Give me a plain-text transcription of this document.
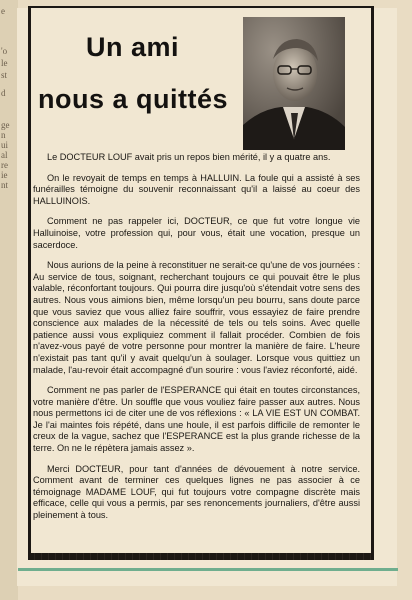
e
'o
le
st
d
ge
n
ui
al
re
ie
nt
Un ami
nous a quittés

Le DOCTEUR LOUF avait pris un repos bien mérité, il y a quatre ans.

On le revoyait de temps en temps à HALLUIN. La foule qui a assisté à ses funérailles témoigne du souvenir reconnaissant qu'il a laissé au coeur des HALLUINOIS.

Comment ne pas rappeler ici, DOCTEUR, ce que fut votre longue vie Halluinoise, votre profession qui, pour vous, était une vocation, presque un sacerdoce.

Nous aurions de la peine à reconstituer ne serait-ce qu'une de vos journées : Au service de tous, soignant, recherchant toujours ce qui pouvait être le plus valable, réconfortant toujours. Qui pourra dire jusqu'où s'étendait votre sens des autres. Nous vous aimions bien, même lorsqu'un peu bourru, sans doute parce que vous saviez que vous alliez faire souffrir, vous essayiez de faire prendre conscience aux malades de la nécessité de tels ou tels soins. Avec quelle patience aussi vous expliquiez comment il fallait procéder. Combien de fois n'avez-vous payé de votre personne pour montrer la manière de faire. L'heure n'existait pas tant qu'il y avait quelqu'un à soulager. Lorsque vous quittiez un malade, l'au-revoir était accompagné d'un sourire : vous l'aviez réconforté, aidé.

Comment ne pas parler de l'ESPERANCE qui était en toutes circonstances, votre manière d'être. Un souffle que vous vouliez faire passer aux autres. Nous nous permettons ici de citer une de vos réflexions : « LA VIE EST UN COMBAT. Je l'ai maintes fois répété, dans une houle, il est parfois difficile de remonter le creux de la vague, sachez que l'ESPERANCE est la plus grande richesse de la terre. On ne le répètera jamais assez ».

Merci DOCTEUR, pour tant d'années de dévouement à notre service. Comment avant de terminer ces quelques lignes ne pas associer à ce témoignage MADAME LOUF, qui fut toujours votre compagne discrète mais efficace, celle qui vous a permis, par ses renoncements journaliers, d'être aussi pleinement à tous.
